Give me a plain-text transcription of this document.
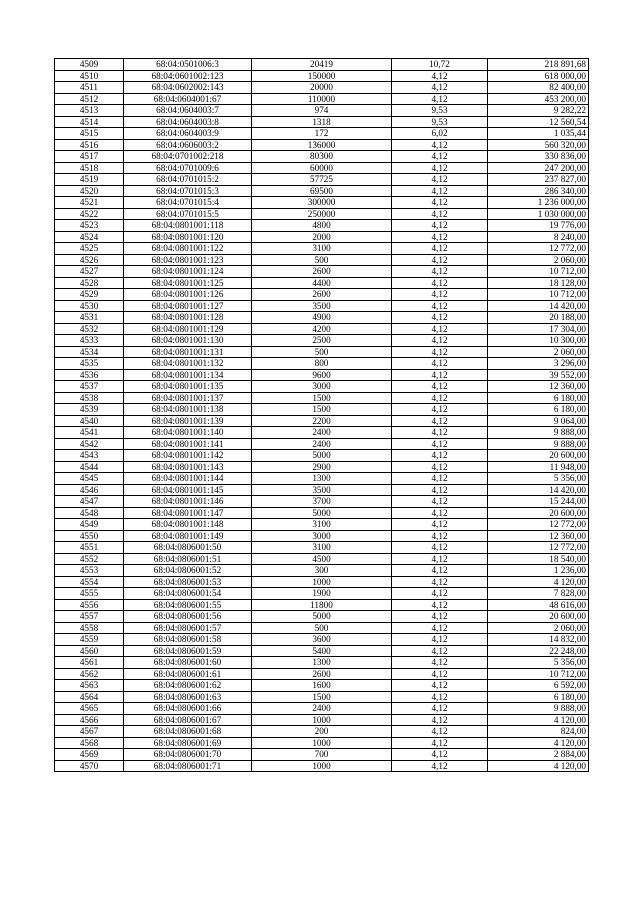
4509	68:04:0501006:3	20419	10,72	218 891,68
4510	68:04:0601002:123	150000	4,12	618 000,00
4511	68:04:0602002:143	20000	4,12	82 400,00
4512	68:04:0604001:67	110000	4,12	453 200,00
4513	68:04:0604003:7	974	9,53	9 282,22
4514	68:04:0604003:8	1318	9,53	12 560,54
4515	68:04:0604003:9	172	6,02	1 035,44
4516	68:04:0606003:2	136000	4,12	560 320,00
4517	68:04:0701002:218	80300	4,12	330 836,00
4518	68:04:0701009:6	60000	4,12	247 200,00
4519	68:04:0701015:2	57725	4,12	237 827,00
4520	68:04:0701015:3	69500	4,12	286 340,00
4521	68:04:0701015:4	300000	4,12	1 236 000,00
4522	68:04:0701015:5	250000	4,12	1 030 000,00
4523	68:04:0801001:118	4800	4,12	19 776,00
4524	68:04:0801001:120	2000	4,12	8 240,00
4525	68:04:0801001:122	3100	4,12	12 772,00
4526	68:04:0801001:123	500	4,12	2 060,00
4527	68:04:0801001:124	2600	4,12	10 712,00
4528	68:04:0801001:125	4400	4,12	18 128,00
4529	68:04:0801001:126	2600	4,12	10 712,00
4530	68:04:0801001:127	3500	4,12	14 420,00
4531	68:04:0801001:128	4900	4,12	20 188,00
4532	68:04:0801001:129	4200	4,12	17 304,00
4533	68:04:0801001:130	2500	4,12	10 300,00
4534	68:04:0801001:131	500	4,12	2 060,00
4535	68:04:0801001:132	800	4,12	3 296,00
4536	68:04:0801001:134	9600	4,12	39 552,00
4537	68:04:0801001:135	3000	4,12	12 360,00
4538	68:04:0801001:137	1500	4,12	6 180,00
4539	68:04:0801001:138	1500	4,12	6 180,00
4540	68:04:0801001:139	2200	4,12	9 064,00
4541	68:04:0801001:140	2400	4,12	9 888,00
4542	68:04:0801001:141	2400	4,12	9 888,00
4543	68:04:0801001:142	5000	4,12	20 600,00
4544	68:04:0801001:143	2900	4,12	11 948,00
4545	68:04:0801001:144	1300	4,12	5 356,00
4546	68:04:0801001:145	3500	4,12	14 420,00
4547	68:04:0801001:146	3700	4,12	15 244,00
4548	68:04:0801001:147	5000	4,12	20 600,00
4549	68:04:0801001:148	3100	4,12	12 772,00
4550	68:04:0801001:149	3000	4,12	12 360,00
4551	68:04:0806001:50	3100	4,12	12 772,00
4552	68:04:0806001:51	4500	4,12	18 540,00
4553	68:04:0806001:52	300	4,12	1 236,00
4554	68:04:0806001:53	1000	4,12	4 120,00
4555	68:04:0806001:54	1900	4,12	7 828,00
4556	68:04:0806001:55	11800	4,12	48 616,00
4557	68:04:0806001:56	5000	4,12	20 600,00
4558	68:04:0806001:57	500	4,12	2 060,00
4559	68:04:0806001:58	3600	4,12	14 832,00
4560	68:04:0806001:59	5400	4,12	22 248,00
4561	68:04:0806001:60	1300	4,12	5 356,00
4562	68:04:0806001:61	2600	4,12	10 712,00
4563	68:04:0806001:62	1600	4,12	6 592,00
4564	68:04:0806001:63	1500	4,12	6 180,00
4565	68:04:0806001:66	2400	4,12	9 888,00
4566	68:04:0806001:67	1000	4,12	4 120,00
4567	68:04:0806001:68	200	4,12	824,00
4568	68:04:0806001:69	1000	4,12	4 120,00
4569	68:04:0806001:70	700	4,12	2 884,00
4570	68:04:0806001:71	1000	4,12	4 120,00
